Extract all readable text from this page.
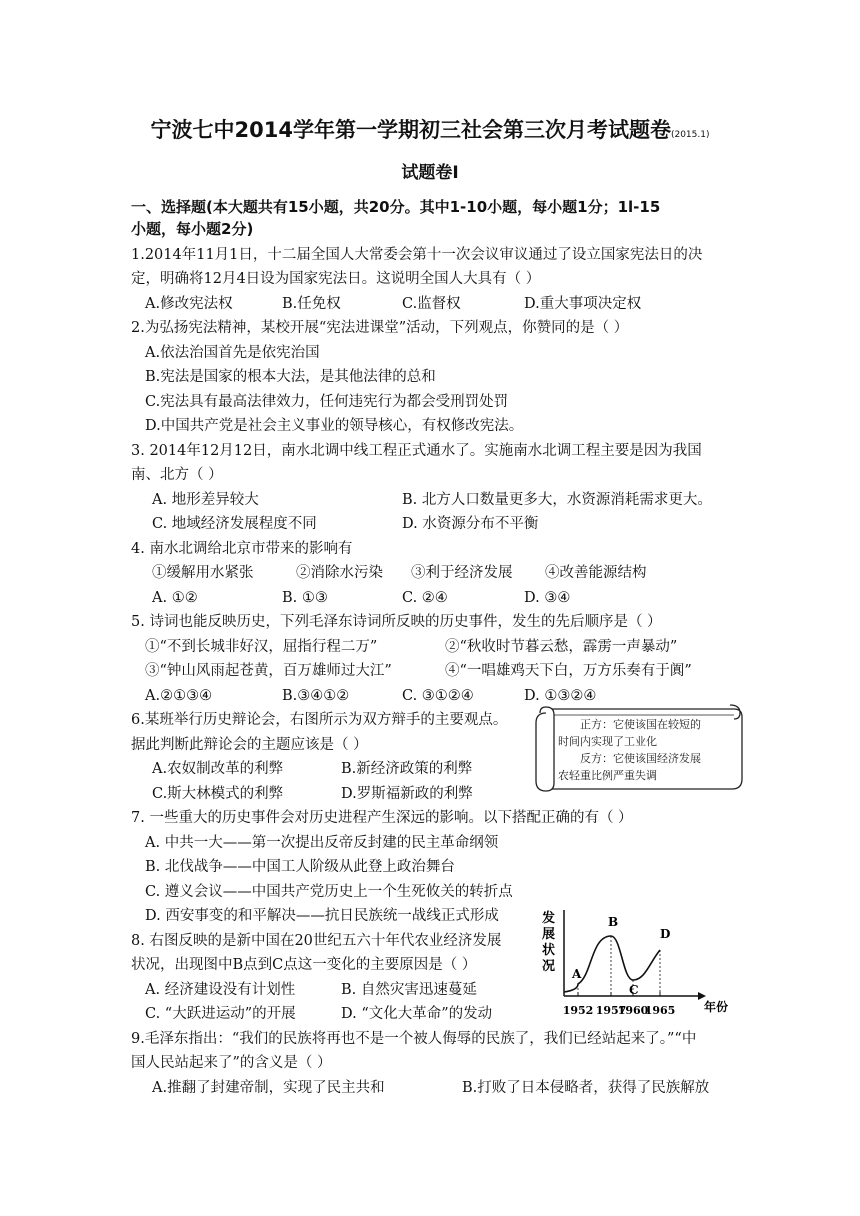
宁波七中2014学年第一学期初三社会第三次月考试题卷(2015.1)
试题卷Ⅰ
一、选择题(本大题共有15小题，共20分。其中1-10小题，每小题1分；1l-15
小题，每小题2分)
1.2014年11月1日，十二届全国人大常委会第十一次会议审议通过了设立国家宪法日的决
定，明确将12月4日设为国家宪法日。这说明全国人大具有（ ）
A.修改宪法权	B.任免权	C.监督权	D.重大事项决定权
2.为弘扬宪法精神，某校开展“宪法进课堂”活动，下列观点，你赞同的是（ ）
A.依法治国首先是依宪治国
B.宪法是国家的根本大法，是其他法律的总和
C.宪法具有最高法律效力，任何违宪行为都会受刑罚处罚
D.中国共产党是社会主义事业的领导核心，有权修改宪法。
3. 2014年12月12日，南水北调中线工程正式通水了。实施南水北调工程主要是因为我国
南、北方（ ）
A. 地形差异较大	B. 北方人口数量更多大，水资源消耗需求更大。
C. 地域经济发展程度不同	D. 水资源分布不平衡
4. 南水北调给北京市带来的影响有
①缓解用水紧张	②消除水污染 ③利于经济发展 ④改善能源结构
A. ①②	B. ①③	C. ②④	D. ③④
5. 诗词也能反映历史，下列毛泽东诗词所反映的历史事件，发生的先后顺序是（ ）
①“不到长城非好汉，屈指行程二万”	②“秋收时节暮云愁，霹雳一声暴动”
③“钟山风雨起苍黄，百万雄师过大江”	④“一唱雄鸡天下白，万方乐奏有于阗”
A.②①③④	B.③④①②	C. ③①②④	D. ①③②④
6.某班举行历史辩论会，右图所示为双方辩手的主要观点。
据此判断此辩论会的主题应该是（ ）
A.农奴制改革的利弊	B.新经济政策的利弊
C.斯大林模式的利弊	D.罗斯福新政的利弊
正方：它使该国在较短的
时间内实现了工业化
反方：它使该国经济发展
农轻重比例严重失调
7. 一些重大的历史事件会对历史进程产生深远的影响。以下搭配正确的有（ ）
A. 中共一大——第一次提出反帝反封建的民主革命纲领
B. 北伐战争——中国工人阶级从此登上政治舞台
C. 遵义会议——中国共产党历史上一个生死攸关的转折点
D. 西安事变的和平解决——抗日民族统一战线正式形成
8. 右图反映的是新中国在20世纪五六十年代农业经济发展
状况，出现图中B点到C点这一变化的主要原因是（ ）
A. 经济建设没有计划性	B. 自然灾害迅速蔓延
C. “大跃进运动”的开展	D. “文化大革命”的发动
发
展
状
况
1952 1957
1960
1965
A
B
C
D
年份
9.毛泽东指出：“我们的民族将再也不是一个被人侮辱的民族了，我们已经站起来了。”“中
国人民站起来了”的含义是（ ）
A.推翻了封建帝制，实现了民主共和	B.打败了日本侵略者，获得了民族解放
